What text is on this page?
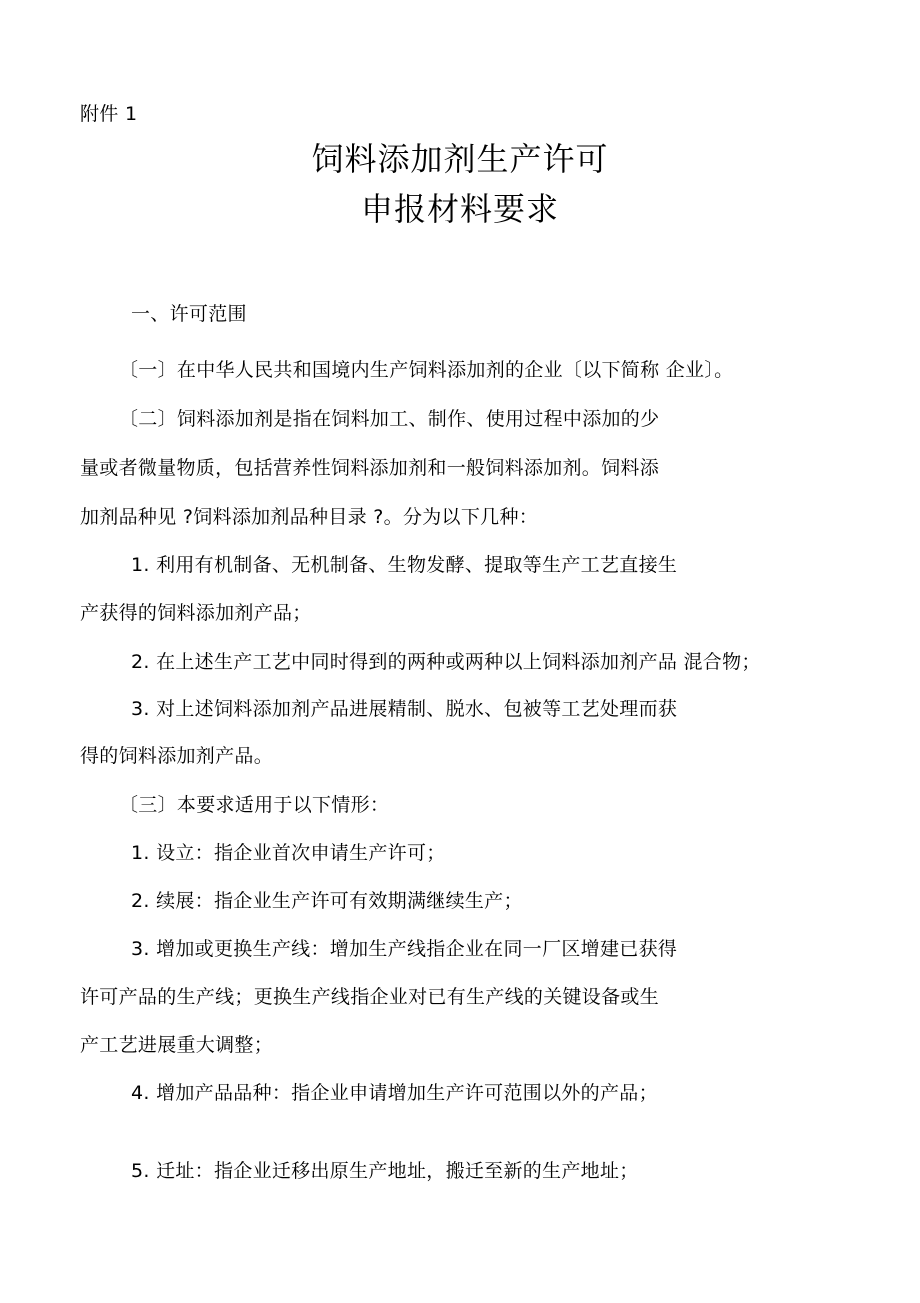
附件 1
饲料添加剂生产许可
申报材料要求
一、许可范围
〔一〕在中华人民共和国境内生产饲料添加剂的企业〔以下简称 企业〕。
〔二〕饲料添加剂是指在饲料加工、制作、使用过程中添加的少
量或者微量物质，包括营养性饲料添加剂和一般饲料添加剂。饲料添
加剂品种见 ?饲料添加剂品种目录 ?。分为以下几种：
1. 利用有机制备、无机制备、生物发酵、提取等生产工艺直接生
产获得的饲料添加剂产品；
2. 在上述生产工艺中同时得到的两种或两种以上饲料添加剂产品 混合物；
3. 对上述饲料添加剂产品进展精制、脱水、包被等工艺处理而获
得的饲料添加剂产品。
〔三〕本要求适用于以下情形：
1. 设立：指企业首次申请生产许可；
2. 续展：指企业生产许可有效期满继续生产；
3. 增加或更换生产线：增加生产线指企业在同一厂区增建已获得
许可产品的生产线；更换生产线指企业对已有生产线的关键设备或生
产工艺进展重大调整；
4. 增加产品品种：指企业申请增加生产许可范围以外的产品；
5. 迁址：指企业迁移出原生产地址，搬迁至新的生产地址；
